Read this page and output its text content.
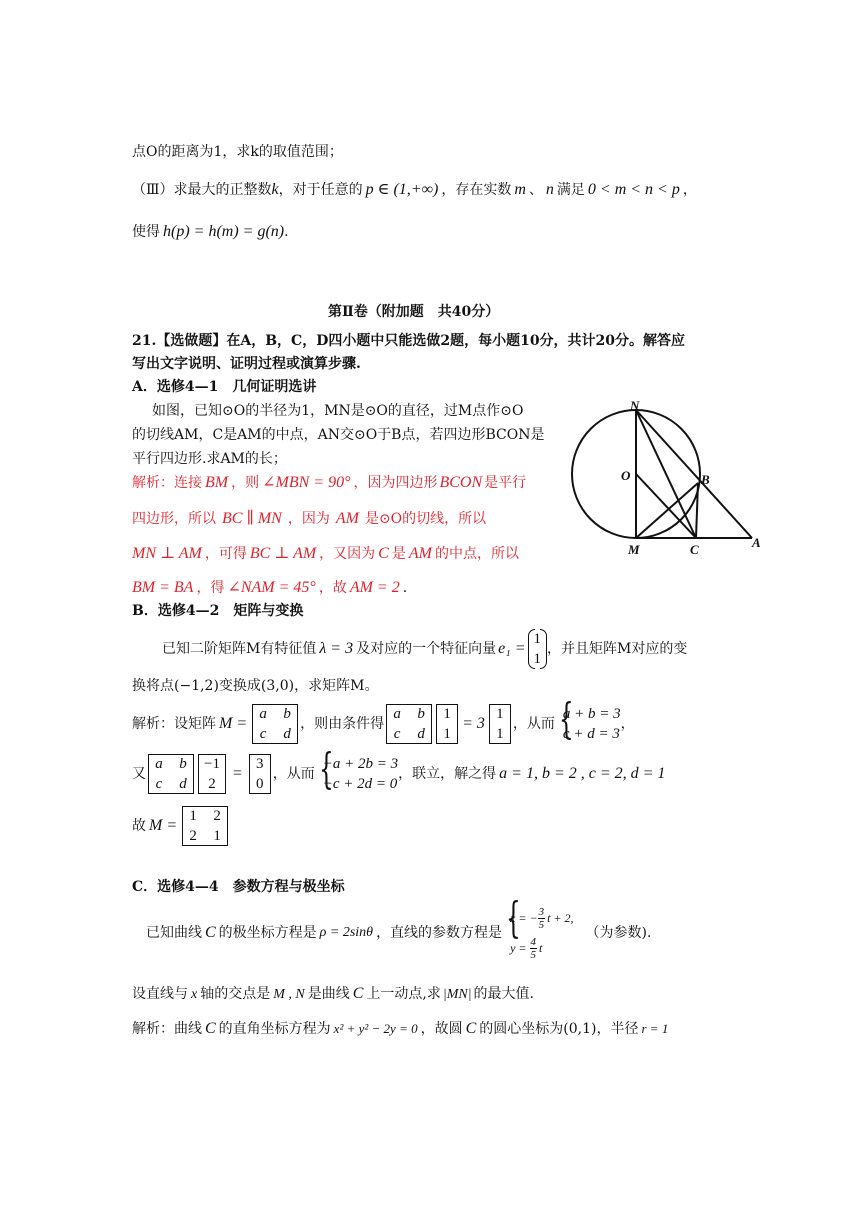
点O的距离为1，求k的取值范围；
（Ⅲ）求最大的正整数k，对于任意的 p ∈ (1,+∞) ，存在实数 m 、 n 满足 0 < m < n < p ，
使得 h(p) = h(m) = g(n).
第Ⅱ卷（附加题　共40分）
21.【选做题】在A，B，C，D四小题中只能选做2题，每小题10分，共计20分。解答应
写出文字说明、证明过程或演算步骤.
A．选修4—1　几何证明选讲
如图，已知⊙O的半径为1，MN是⊙O的直径，过M点作⊙O
的切线AM，C是AM的中点，AN交⊙O于B点，若四边形BCON是
平行四边形.求AM的长；
解析：连接 BM ，则 ∠MBN = 90° ，因为四边形 BCON 是平行
四边形，所以 BC ∥ MN ，因为 AM 是⊙O的切线，所以
MN ⊥ AM ，可得 BC ⊥ AM ，又因为 C 是 AM 的中点，所以
BM = BA ，得 ∠NAM = 45° ，故 AM = 2 .
N
O	B
M	C	A
B．选修4—2　矩阵与变换
已知二阶矩阵M有特征值 λ = 3 及对应的一个特征向量 e₁ =
1
1
，并且矩阵M对应的变
换将点(−1,2)变换成(3,0)，求矩阵M。
解析：设矩阵 M =
a b
c d
，则由条件得
a b
c d
1
1
= 3
1
1
，从而
{ a + b = 3
c + d = 3
，
又
a b
c d
−1
2
=
3
0
，从而
{ −a + 2b = 3
−c + 2d = 0
，联立，解之得 a = 1, b = 2 , c = 2, d = 1
故 M =
1 2
2 1
C．选修4—4　参数方程与极坐标
已知曲线 C 的极坐标方程是 ρ = 2sinθ ，直线的参数方程是
{ x = − $\frac{3}{5}$ t + 2,
$y = \frac{4}{5}$ t
（为参数)．
设直线与 x 轴的交点是 M , N 是曲线 C 上一动点,求 |MN| 的最大值.
解析：曲线 C 的直角坐标方程为 x² + y² − 2y = 0 ，故圆 C 的圆心坐标为(0,1)，半径 r = 1
